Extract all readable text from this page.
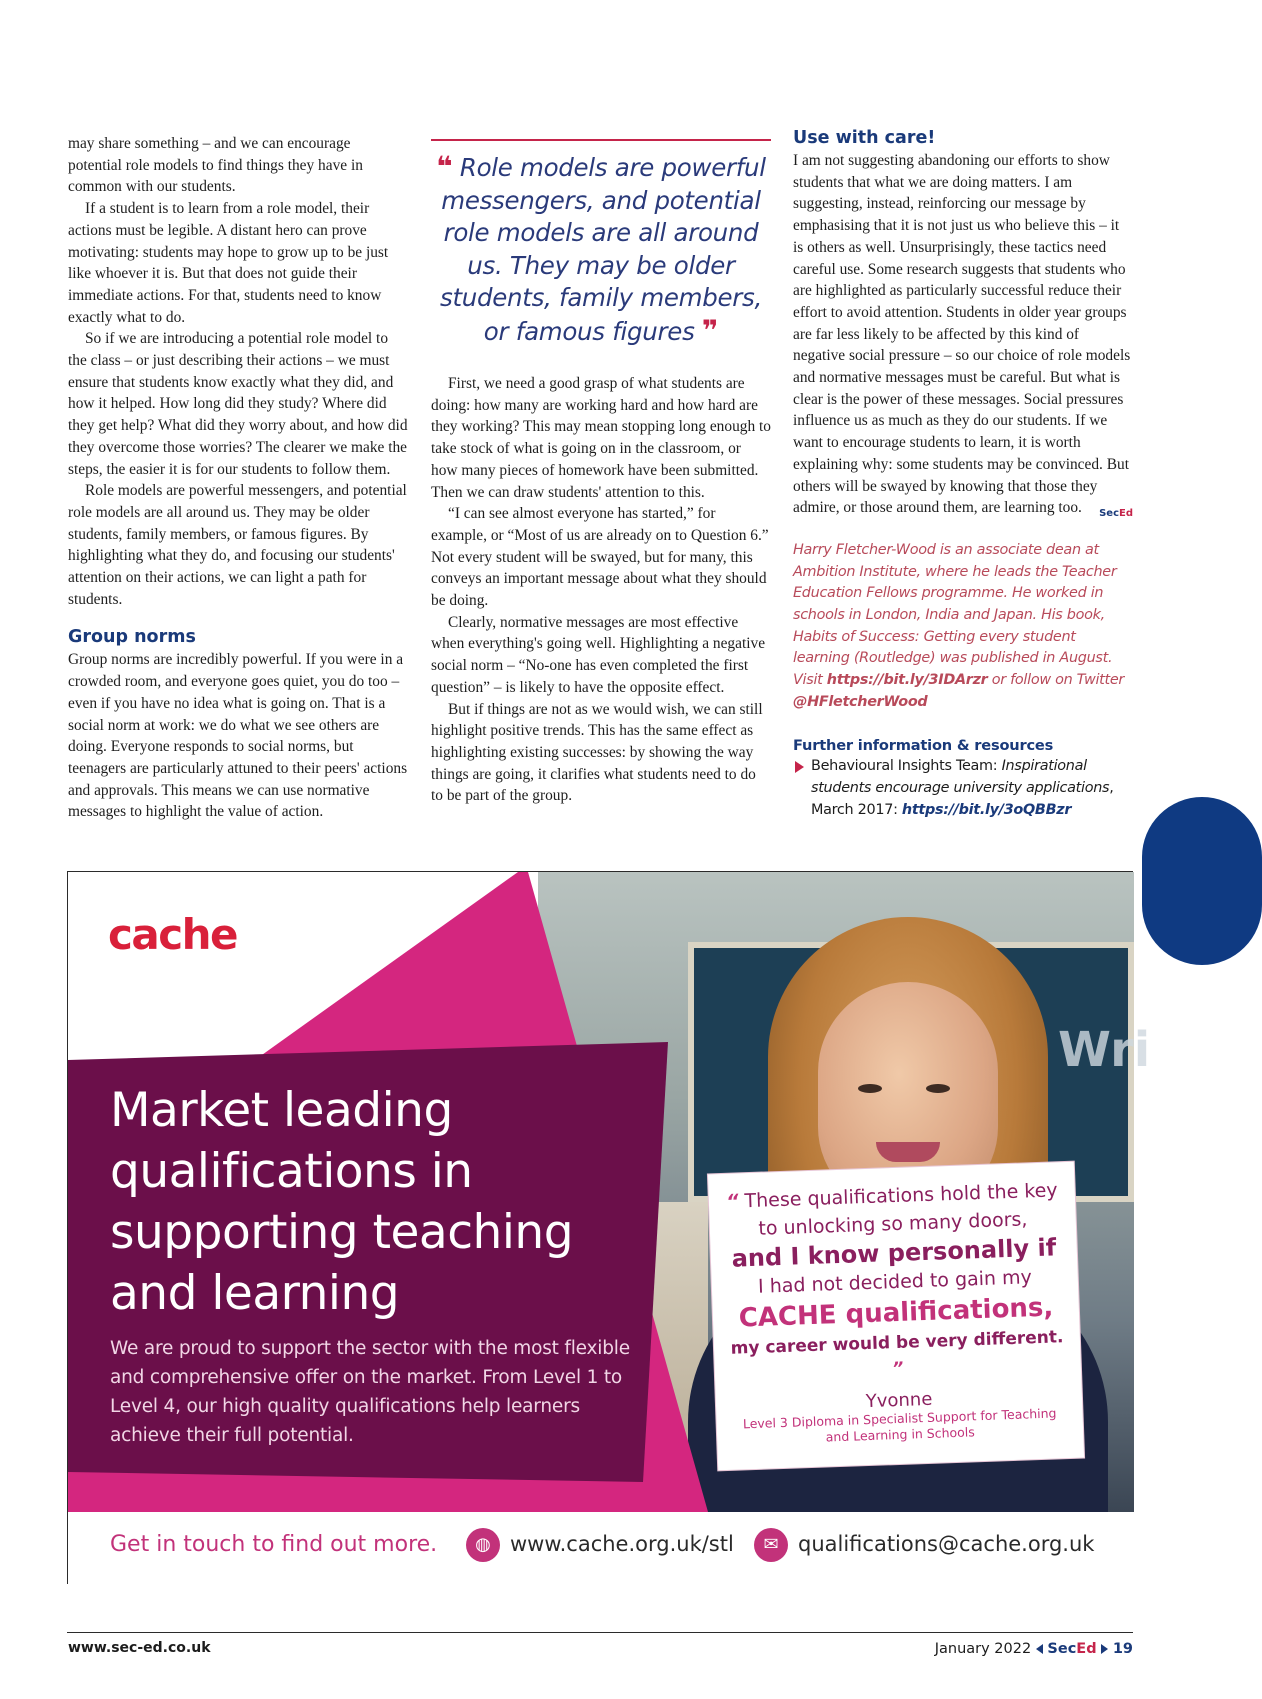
may share something – and we can encourage potential role models to find things they have in common with our students.

If a student is to learn from a role model, their actions must be legible. A distant hero can prove motivating: students may hope to grow up to be just like whoever it is. But that does not guide their immediate actions. For that, students need to know exactly what to do.

So if we are introducing a potential role model to the class – or just describing their actions – we must ensure that students know exactly what they did, and how it helped. How long did they study? Where did they get help? What did they worry about, and how did they overcome those worries? The clearer we make the steps, the easier it is for our students to follow them.

Role models are powerful messengers, and potential role models are all around us. They may be older students, family members, or famous figures. By highlighting what they do, and focusing our students' attention on their actions, we can light a path for students.

Group norms

Group norms are incredibly powerful. If you were in a crowded room, and everyone goes quiet, you do too – even if you have no idea what is going on. That is a social norm at work: we do what we see others are doing. Everyone responds to social norms, but teenagers are particularly attuned to their peers' actions and approvals. This means we can use normative messages to highlight the value of action.

❝ Role models are powerful messengers, and potential role models are all around us. They may be older students, family members, or famous figures ❞

First, we need a good grasp of what students are doing: how many are working hard and how hard are they working? This may mean stopping long enough to take stock of what is going on in the classroom, or how many pieces of homework have been submitted. Then we can draw students' attention to this.

“I can see almost everyone has started,” for example, or “Most of us are already on to Question 6.” Not every student will be swayed, but for many, this conveys an important message about what they should be doing.

Clearly, normative messages are most effective when everything's going well. Highlighting a negative social norm – “No-one has even completed the first question” – is likely to have the opposite effect.

But if things are not as we would wish, we can still highlight positive trends. This has the same effect as highlighting existing successes: by showing the way things are going, it clarifies what students need to do to be part of the group.

Use with care!

I am not suggesting abandoning our efforts to show students that what we are doing matters. I am suggesting, instead, reinforcing our message by emphasising that it is not just us who believe this – it is others as well. Unsurprisingly, these tactics need careful use. Some research suggests that students who are highlighted as particularly successful reduce their effort to avoid attention. Students in older year groups are far less likely to be affected by this kind of negative social pressure – so our choice of role models and normative messages must be careful. But what is clear is the power of these messages. Social pressures influence us as much as they do our students. If we want to encourage students to learn, it is worth explaining why: some students may be convinced. But others will be swayed by knowing that those they admire, or those around them, are learning too. SecEd

Harry Fletcher-Wood is an associate dean at Ambition Institute, where he leads the Teacher Education Fellows programme. He worked in schools in London, India and Japan. His book, Habits of Success: Getting every student learning (Routledge) was published in August. Visit https://bit.ly/3IDArzr or follow on Twitter @HFletcherWood
Further information & resources
Behavioural Insights Team: Inspirational students encourage university applications, March 2017: https://bit.ly/3oQBBzr
Wri
cache
Market leading qualifications in supporting teaching and learning
We are proud to support the sector with the most flexible and comprehensive offer on the market. From Level 1 to Level 4, our high quality qualifications help learners achieve their full potential.
“ These qualifications hold the key to unlocking so many doors,
and I know personally if
I had not decided to gain my
CACHE qualifications,
my career would be very different. ”
Yvonne
Level 3 Diploma in Specialist Support for Teaching and Learning in Schools
Get in touch to find out more.	◍ www.cache.org.uk/stl	✉ qualifications@cache.org.uk
www.sec-ed.co.uk	January 2022 SecEd 19
